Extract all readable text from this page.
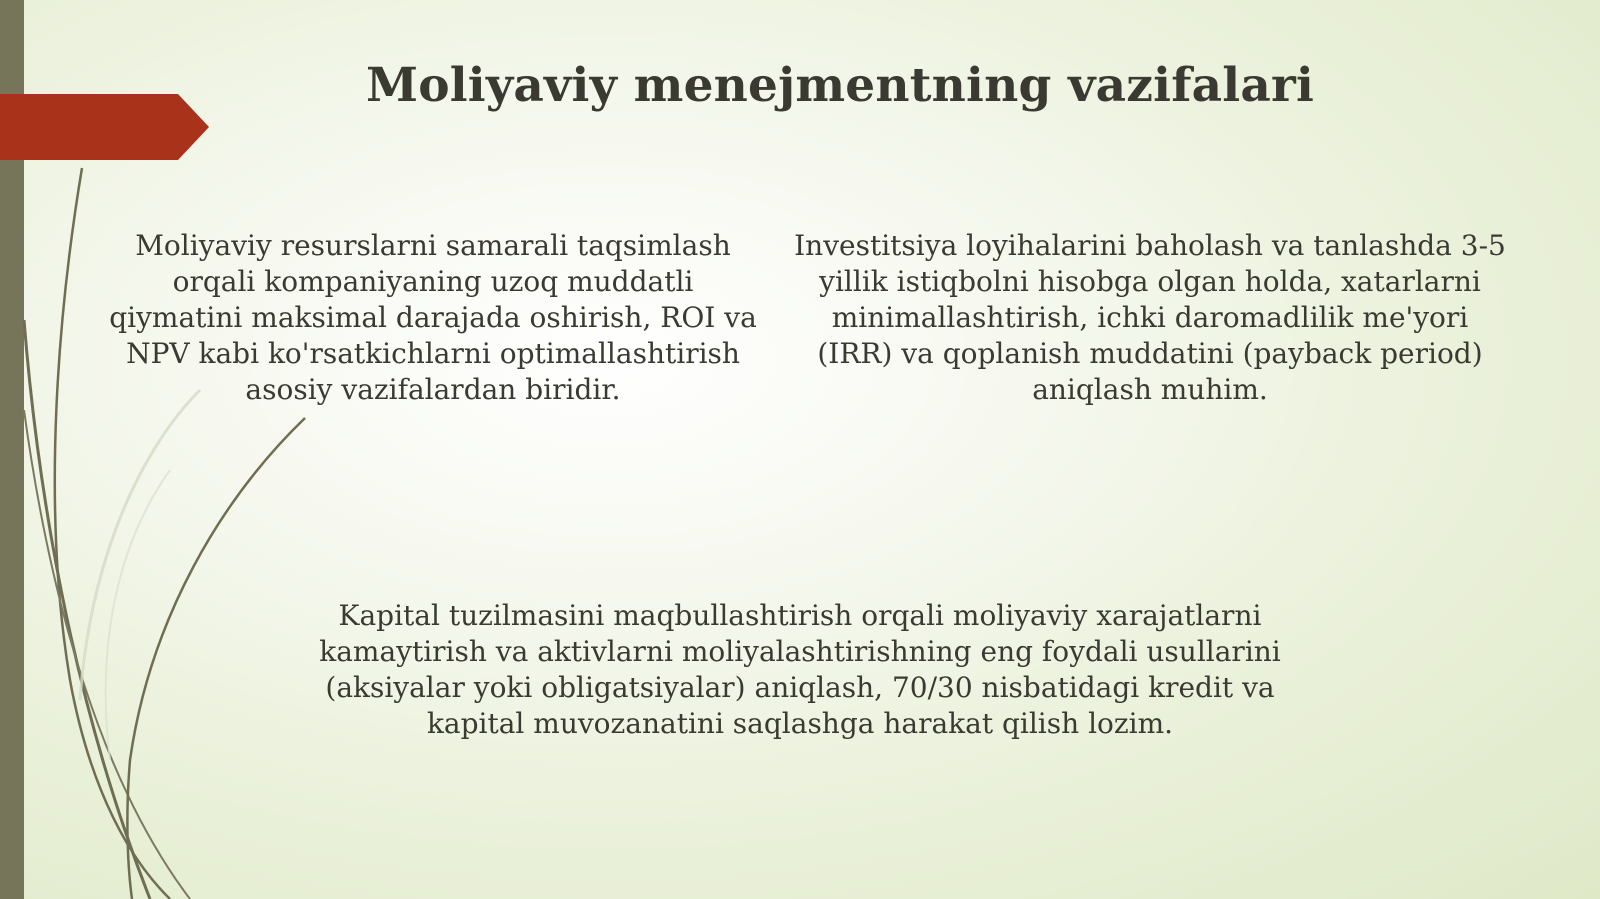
Moliyaviy menejmentning vazifalari

Moliyaviy resurslarni samarali taqsimlash orqali kompaniyaning uzoq muddatli qiymatini maksimal darajada oshirish, ROI va NPV kabi ko'rsatkichlarni optimallashtirish asosiy vazifalardan biridir.

Investitsiya loyihalarini baholash va tanlashda 3-5 yillik istiqbolni hisobga olgan holda, xatarlarni minimallashtirish, ichki daromadlilik me'yori (IRR) va qoplanish muddatini (payback period) aniqlash muhim.

Kapital tuzilmasini maqbullashtirish orqali moliyaviy xarajatlarni kamaytirish va aktivlarni moliyalashtirishning eng foydali usullarini (aksiyalar yoki obligatsiyalar) aniqlash, 70/30 nisbatidagi kredit va kapital muvozanatini saqlashga harakat qilish lozim.
